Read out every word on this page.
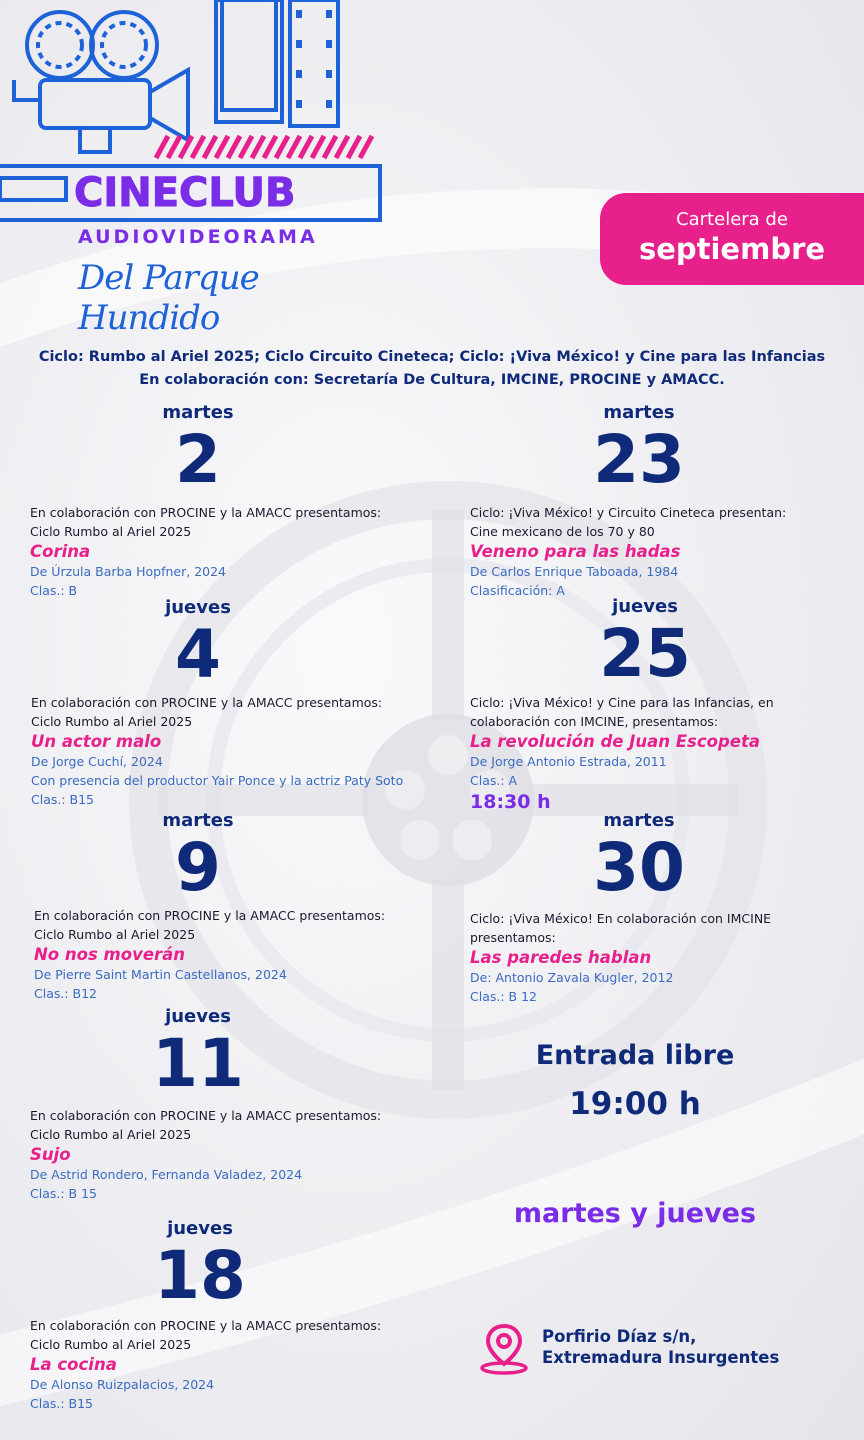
CINECLUB
AUDIOVIDEORAMA
Del Parque Hundido
Cartelera de
septiembre
Ciclo: Rumbo al Ariel 2025; Ciclo Circuito Cineteca; Ciclo: ¡Viva México! y Cine para las Infancias
En colaboración con: Secretaría De Cultura, IMCINE, PROCINE y AMACC.
martes
2
En colaboración con PROCINE y la AMACC presentamos:
Ciclo Rumbo al Ariel 2025
Corina
De Úrzula Barba Hopfner, 2024
Clas.: B
jueves
4
En colaboración con PROCINE y la AMACC presentamos:
Ciclo Rumbo al Ariel 2025
Un actor malo
De Jorge Cuchí, 2024
Con presencia del productor Yair Ponce y la actriz Paty Soto
Clas.: B15
martes
9
En colaboración con PROCINE y la AMACC presentamos:
Ciclo Rumbo al Ariel 2025
No nos moverán
De Pierre Saint Martin Castellanos, 2024
Clas.: B12
jueves
11
En colaboración con PROCINE y la AMACC presentamos:
Ciclo Rumbo al Ariel 2025
Sujo
De Astrid Rondero, Fernanda Valadez, 2024
Clas.: B 15
jueves
18
En colaboración con PROCINE y la AMACC presentamos:
Ciclo Rumbo al Ariel 2025
La cocina
De Alonso Ruizpalacios, 2024
Clas.: B15
martes
23
Ciclo: ¡Viva México! y Circuito Cineteca presentan:
Cine mexicano de los 70 y 80
Veneno para las hadas
De Carlos Enrique Taboada, 1984
Clasificación: A
jueves
25
Ciclo: ¡Viva México! y Cine para las Infancias, en
colaboración con IMCINE, presentamos:
La revolución de Juan Escopeta
De Jorge Antonio Estrada, 2011
Clas.: A
18:30 h
martes
30
Ciclo: ¡Viva México! En colaboración con IMCINE
presentamos:
Las paredes hablan
De: Antonio Zavala Kugler, 2012
Clas.: B 12
Entrada libre
19:00 h
martes y jueves
Porfirio Díaz s/n,
Extremadura Insurgentes
